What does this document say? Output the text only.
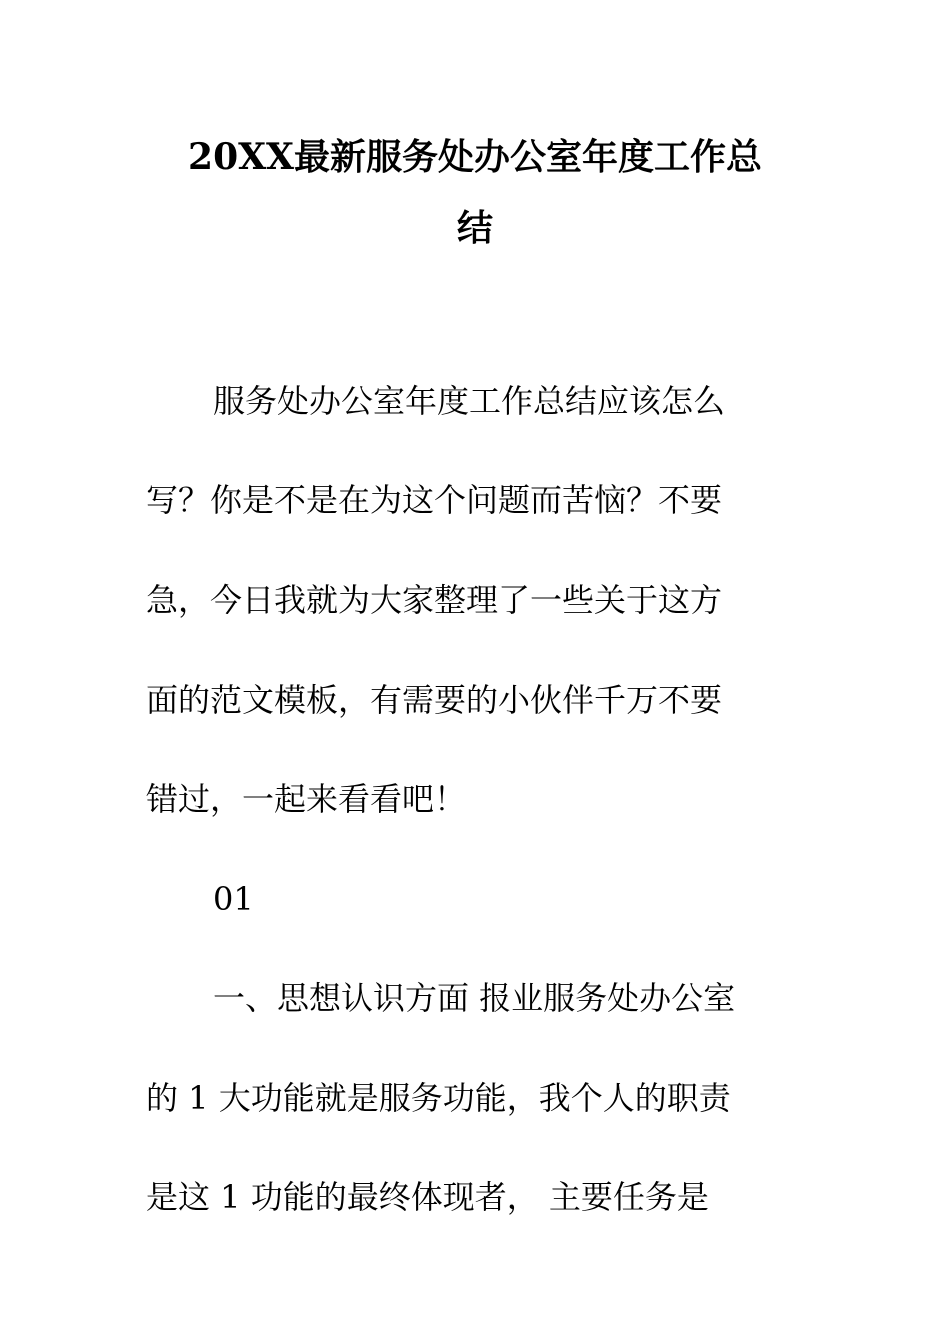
20XX最新服务处办公室年度工作总
结
服务处办公室年度工作总结应该怎么
写？你是不是在为这个问题而苦恼？不要
急，今日我就为大家整理了一些关于这方
面的范文模板，有需要的小伙伴千万不要
错过，一起来看看吧！
01
一、思想认识方面 报业服务处办公室
的 1 大功能就是服务功能，我个人的职责
是这 1 功能的最终体现者， 主要任务是
